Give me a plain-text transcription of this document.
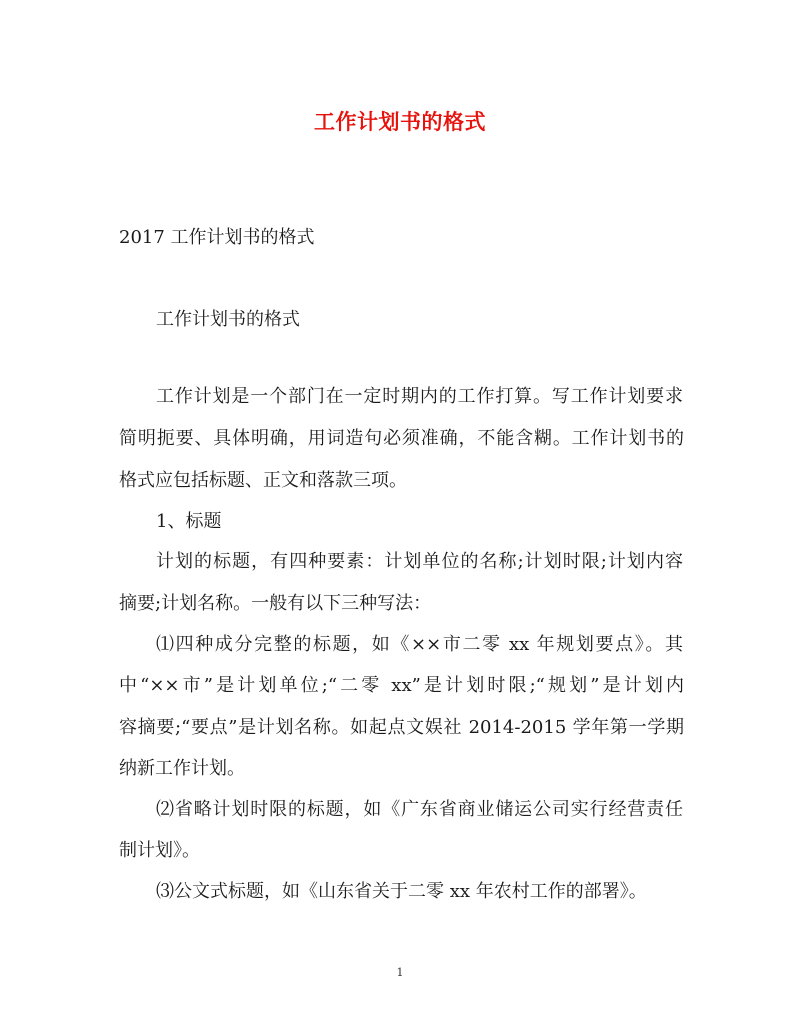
工作计划书的格式
2017 工作计划书的格式
工作计划书的格式
工作计划是一个部门在一定时期内的工作打算。写工作计划要求
简明扼要、具体明确，用词造句必须准确，不能含糊。工作计划书的
格式应包括标题、正文和落款三项。
1、标题
计划的标题，有四种要素：计划单位的名称;计划时限;计划内容
摘要;计划名称。一般有以下三种写法：
⑴四种成分完整的标题，如《××市二零 xx 年规划要点》。其
中“××市”是计划单位;“二零 xx”是计划时限;“规划”是计划内
容摘要;“要点”是计划名称。如起点文娱社 2014-2015 学年第一学期
纳新工作计划。
⑵省略计划时限的标题，如《广东省商业储运公司实行经营责任
制计划》。
⑶公文式标题，如《山东省关于二零 xx 年农村工作的部署》。
1
